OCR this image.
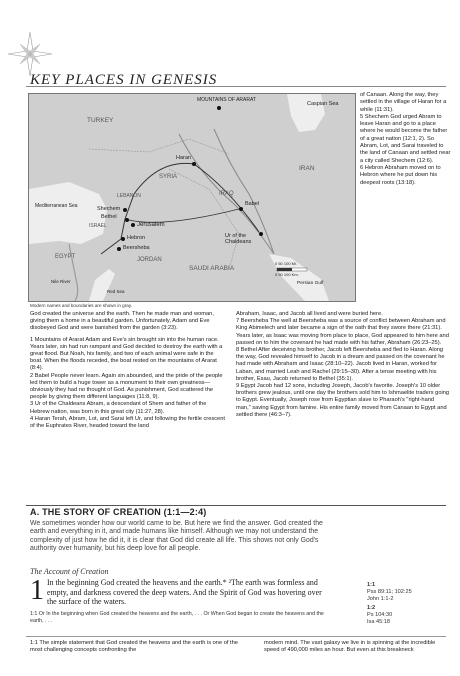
KEY PLACES IN GENESIS
MOUNTAINS OF ARARAT
Caspian Sea
TURKEY
Haran
SYRIA
IRAN
Mediterranean Sea
LEBANON	IRAQ
Shechem
Bethel
Jerusalem
Babel
ISRAEL
Hebron
Beersheba
Ur of the Chaldeans
EGYPT	JORDAN
SAUDI ARABIA
Nile River
Red Sea
Persian Gulf
0 50 100 Mi.
0 50 100 Km.
Modern names and boundaries are shown in gray.

of Canaan. Along the way, they settled in the village of Haran for a while (11:31).

5 Shechem God urged Abram to leave Haran and go to a place where he would become the father of a great nation (12:1, 2). So Abram, Lot, and Sarai traveled to the land of Canaan and settled near a city called Shechem (12:6).

6 Hebron Abraham moved on to Hebron where he put down his deepest roots (13:18).

God created the universe and the earth. Then he made man and woman, giving them a home in a beautiful garden. Unfortunately, Adam and Eve disobeyed God and were banished from the garden (3:23).

1 Mountains of Ararat Adam and Eve's sin brought sin into the human race. Years later, sin had run rampant and God decided to destroy the earth with a great flood. But Noah, his family, and two of each animal were safe in the boat. When the floods receded, the boat rested on the mountains of Ararat (8:4).

2 Babel People never learn. Again sin abounded, and the pride of the people led them to build a huge tower as a monument to their own greatness—obviously they had no thought of God. As punishment, God scattered the people by giving them different languages (11:8, 9).

3 Ur of the Chaldeans Abram, a descendant of Shem and father of the Hebrew nation, was born in this great city (11:27, 28).

4 Haran Terah, Abram, Lot, and Sarai left Ur, and following the fertile crescent of the Euphrates River, headed toward the land

Abraham, Isaac, and Jacob all lived and were buried here.

7 Beersheba The well at Beersheba was a source of conflict between Abraham and King Abimelech and later became a sign of the oath that they swore there (21:31). Years later, as Isaac was moving from place to place, God appeared to him here and passed on to him the covenant he had made with his father, Abraham (26:23–25).

8 Bethel After deceiving his brother, Jacob left Beersheba and fled to Haran. Along the way, God revealed himself to Jacob in a dream and passed on the covenant he had made with Abraham and Isaac (28:10–22). Jacob lived in Haran, worked for Laban, and married Leah and Rachel (29:15–30). After a tense meeting with his brother, Esau, Jacob returned to Bethel (35:1).

9 Egypt Jacob had 12 sons, including Joseph, Jacob's favorite. Joseph's 10 older brothers grew jealous, until one day the brothers sold him to Ishmaelite traders going to Egypt. Eventually, Joseph rose from Egyptian slave to Pharaoh's "right-hand man," saving Egypt from famine. His entire family moved from Canaan to Egypt and settled there (46:3–7).

A. THE STORY OF CREATION (1:1—2:4)
We sometimes wonder how our world came to be. But here we find the answer. God created the earth and everything in it, and made humans like himself. Although we may not understand the complexity of just how he did it, it is clear that God did create all life. This shows not only God's authority over humanity, but his deep love for all people.
The Account of Creation
1 In the beginning God created the heavens and the earth.* ²The earth was formless and empty, and darkness covered the deep waters. And the Spirit of God was hovering over the surface of the waters.
1:1 Or In the beginning when God created the heavens and the earth, . . . Or When God began to create the heavens and the earth, . . .
1:1
Pss 89:11; 102:25
John 1:1-2
1:2
Ps 104:30
Isa 45:18
1:1 The simple statement that God created the heavens and the earth is one of the most challenging concepts confronting the
modern mind. The vast galaxy we live in is spinning at the incredible speed of 490,000 miles an hour. But even at this breakneck
